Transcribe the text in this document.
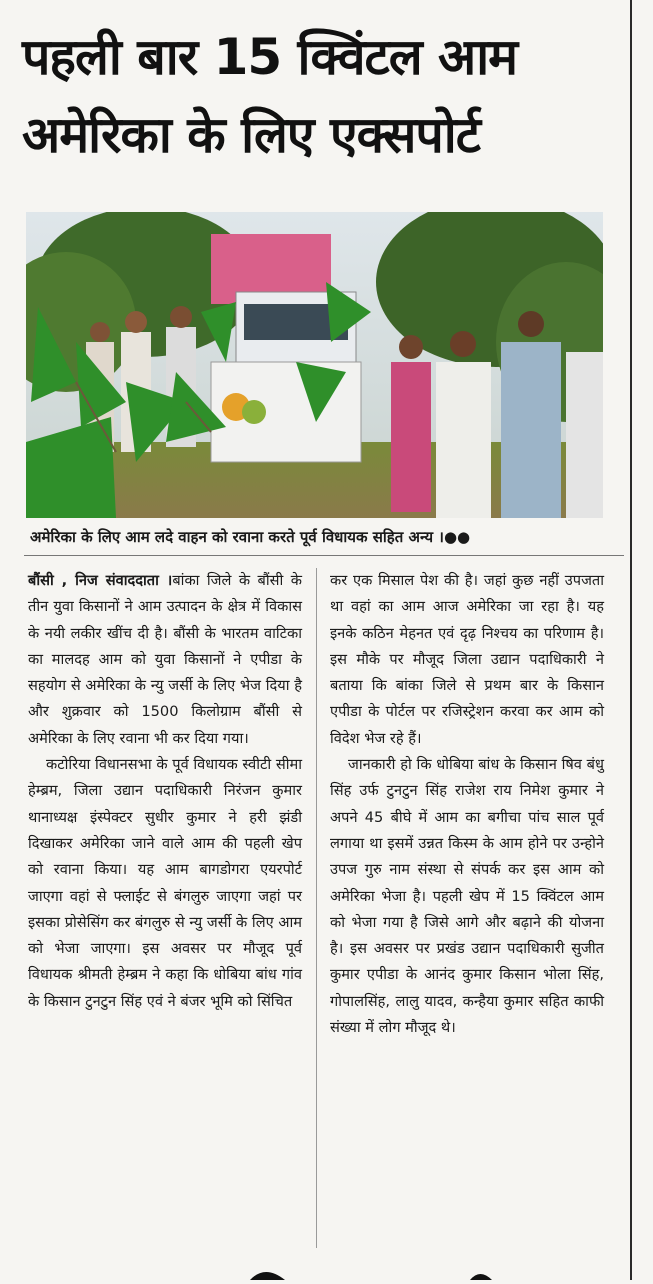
पहली बार 15 क्विंटल आम
अमेरिका के लिए एक्सपोर्ट
अमेरिका के लिए आम लदे वाहन को रवाना करते पूर्व विधायक सहित अन्य ।●●

बौंसी , निज संवाददाता ।बांका जिले के बौंसी के तीन युवा किसानों ने आम उत्पादन के क्षेत्र में विकास के नयी लकीर खींच दी है। बौंसी के भारतम वाटिका का मालदह आम को युवा किसानों ने एपीडा के सहयोग से अमेरिका के न्यु जर्सी के लिए भेज दिया है और शुक्रवार को 1500 किलोग्राम बौंसी से अमेरिका के लिए रवाना भी कर दिया गया।

कटोरिया विधानसभा के पूर्व विधायक स्वीटी सीमा हेम्ब्रम, जिला उद्यान पदाधिकारी निरंजन कुमार थानाध्यक्ष इंस्पेक्टर सुधीर कुमार ने हरी झंडी दिखाकर अमेरिका जाने वाले आम की पहली खेप को रवाना किया। यह आम बागडोगरा एयरपोर्ट जाएगा वहां से फ्लाईट से बंगलुरु जाएगा जहां पर इसका प्रोसेसिंग कर बंगलुरु से न्यु जर्सी के लिए आम को भेजा जाएगा। इस अवसर पर मौजूद पूर्व विधायक श्रीमती हेम्ब्रम ने कहा कि धोबिया बांध गांव के किसान टुनटुन सिंह एवं ने बंजर भूमि को सिंचित

कर एक मिसाल पेश की है। जहां कुछ नहीं उपजता था वहां का आम आज अमेरिका जा रहा है। यह इनके कठिन मेहनत एवं दृढ़ निश्चय का परिणाम है। इस मौके पर मौजूद जिला उद्यान पदाधिकारी ने बताया कि बांका जिले से प्रथम बार के किसान एपीडा के पोर्टल पर रजिस्ट्रेशन करवा कर आम को विदेश भेज रहे हैं।

जानकारी हो कि धोबिया बांध के किसान षिव बंधु सिंह उर्फ टुनटुन सिंह राजेश राय निमेश कुमार ने अपने 45 बीघे में आम का बगीचा पांच साल पूर्व लगाया था इसमें उन्नत किस्म के आम होने पर उन्होने उपज गुरु नाम संस्था से संपर्क कर इस आम को अमेरिका भेजा है। पहली खेप में 15 क्विंटल आम को भेजा गया है जिसे आगे और बढ़ाने की योजना है। इस अवसर पर प्रखंड उद्यान पदाधिकारी सुजीत कुमार एपीडा के आनंद कुमार किसान भोला सिंह, गोपालसिंह, लालु यादव, कन्हैया कुमार सहित काफी संख्या में लोग मौजूद थे।
